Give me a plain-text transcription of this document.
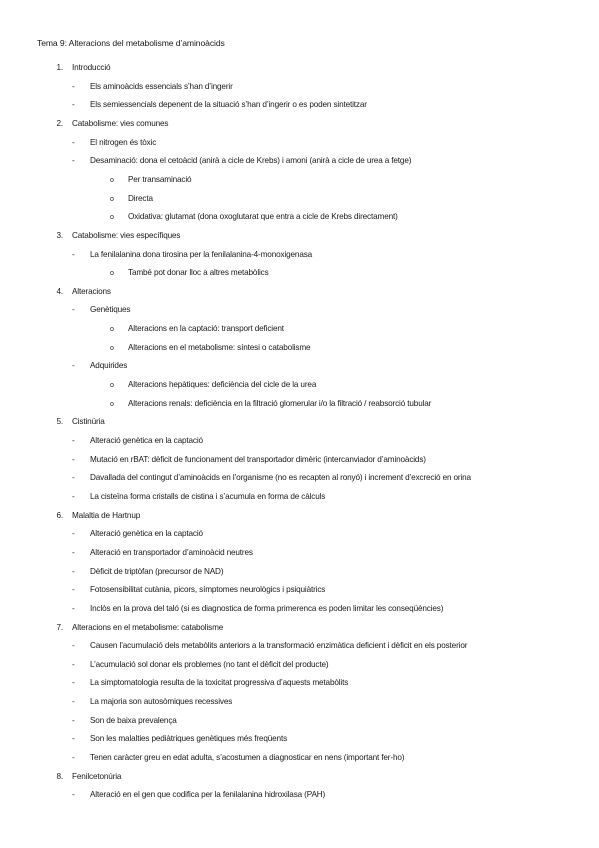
Tema 9: Alteracions del metabolisme d’aminoàcids
1. Introducció
- Els aminoàcids essencials s’han d’ingerir
- Els semiessencials depenent de la situació s’han d’ingerir o es poden sintetitzar
2. Catabolisme: vies comunes
- El nitrogen és tòxic
- Desaminació: dona el cetoàcid (anirà a cicle de Krebs) i amoni (anirà a cicle de urea a fetge)
o Per transaminació
o Directa
o Oxidativa: glutamat (dona oxoglutarat que entra a cicle de Krebs directament)
3. Catabolisme: vies específiques
- La fenilalanina dona tirosina per la fenilalanina-4-monoxigenasa
o També pot donar lloc a altres metabòlics
4. Alteracions
- Genètiques
o Alteracions en la captació: transport deficient
o Alteracions en el metabolisme: síntesi o catabolisme
- Adquirides
o Alteracions hepàtiques: deficiència del cicle de la urea
o Alteracions renals: deficiència en la filtració glomerular i/o la filtració / reabsorció tubular
5. Cistinúria
- Alteració genètica en la captació
- Mutació en rBAT: dèficit de funcionament del transportador dimèric (intercanviador d’aminoàcids)
- Davallada del contingut d’aminoàcids en l’organisme (no es recapten al ronyó) i increment d’excreció en orina
- La cisteïna forma cristalls de cistina i s’acumula en forma de càlculs
6. Malaltia de Hartnup
- Alteració genètica en la captació
- Alteració en transportador d’aminoàcid neutres
- Dèficit de triptòfan (precursor de NAD)
- Fotosensibilitat cutània, picors, símptomes neurològics i psiquiàtrics
- Inclòs en la prova del taló (si es diagnostica de forma primerenca es poden limitar les conseqüències)
7. Alteracions en el metabolisme: catabolisme
- Causen l’acumulació dels metabòlits anteriors a la transformació enzimàtica deficient i dèficit en els posterior
- L’acumulació sol donar els problemes (no tant el dèficit del producte)
- La simptomatologia resulta de la toxicitat progressiva d’aquests metabòlits
- La majoria son autosòmiques recessives
- Son de baixa prevalença
- Son les malalties pediàtriques genètiques més freqüents
- Tenen caràcter greu en edat adulta, s’acostumen a diagnosticar en nens (important fer-ho)
8. Fenilcetonúria
- Alteració en el gen que codifica per la fenilalanina hidroxilasa (PAH)
